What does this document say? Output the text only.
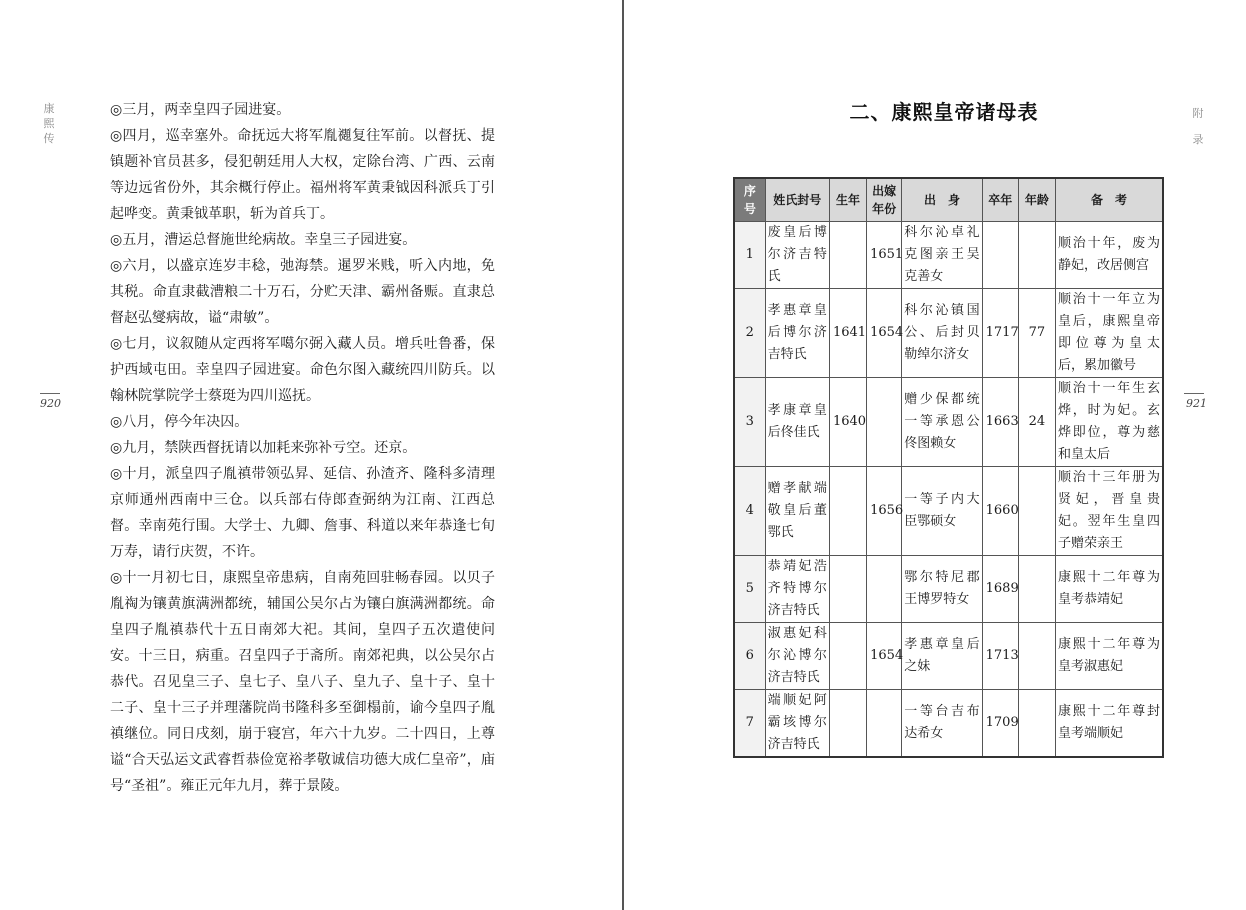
康熙传
920

◎三月，两幸皇四子园进宴。

◎四月，巡幸塞外。命抚远大将军胤禵复往军前。以督抚、提镇题补官员甚多，侵犯朝廷用人大权，定除台湾、广西、云南等边远省份外，其余概行停止。福州将军黄秉钺因科派兵丁引起哗变。黄秉钺革职，斩为首兵丁。

◎五月，漕运总督施世纶病故。幸皇三子园进宴。

◎六月，以盛京连岁丰稔，弛海禁。暹罗米贱，听入内地，免其税。命直隶截漕粮二十万石，分贮天津、霸州备赈。直隶总督赵弘燮病故，谥“肃敏”。

◎七月，议叙随从定西将军噶尔弼入藏人员。增兵吐鲁番，保护西域屯田。幸皇四子园进宴。命色尔图入藏统四川防兵。以翰林院掌院学士蔡珽为四川巡抚。

◎八月，停今年决囚。

◎九月，禁陕西督抚请以加耗来弥补亏空。还京。

◎十月，派皇四子胤禛带领弘昇、延信、孙渣齐、隆科多清理京师通州西南中三仓。以兵部右侍郎查弼纳为江南、江西总督。幸南苑行围。大学士、九卿、詹事、科道以来年恭逢七旬万寿，请行庆贺，不许。

◎十一月初七日，康熙皇帝患病，自南苑回驻畅春园。以贝子胤祹为镶黄旗满洲都统，辅国公吴尔占为镶白旗满洲都统。命皇四子胤禛恭代十五日南郊大祀。其间，皇四子五次遣使问安。十三日，病重。召皇四子于斋所。南郊祀典，以公吴尔占恭代。召见皇三子、皇七子、皇八子、皇九子、皇十子、皇十二子、皇十三子并理藩院尚书隆科多至御榻前，谕今皇四子胤禛继位。同日戌刻，崩于寝宫，年六十九岁。二十四日，上尊谥“合天弘运文武睿哲恭俭宽裕孝敬诚信功德大成仁皇帝”，庙号“圣祖”。雍正元年九月，葬于景陵。

二、康熙皇帝诸母表	附录
921
序号	姓氏封号	生年	出嫁年份	出　身	卒年	年龄	备　考
1	废皇后博尔济吉特氏		1651	科尔沁卓礼克图亲王吴克善女			顺治十年，废为静妃，改居侧宫
2	孝惠章皇后博尔济吉特氏	1641	1654	科尔沁镇国公、后封贝勒绰尔济女	1717	77	顺治十一年立为皇后，康熙皇帝即位尊为皇太后，累加徽号
3	孝康章皇后佟佳氏	1640		赠少保都统一等承恩公佟图赖女	1663	24	顺治十一年生玄烨，时为妃。玄烨即位，尊为慈和皇太后
4	赠孝献端敬皇后董鄂氏		1656	一等子内大臣鄂硕女	1660		顺治十三年册为贤妃，晋皇贵妃。翌年生皇四子赠荣亲王
5	恭靖妃浩齐特博尔济吉特氏			鄂尔特尼郡王博罗特女	1689		康熙十二年尊为皇考恭靖妃
6	淑惠妃科尔沁博尔济吉特氏		1654	孝惠章皇后之妹	1713		康熙十二年尊为皇考淑惠妃
7	端顺妃阿霸垓博尔济吉特氏			一等台吉布达希女	1709		康熙十二年尊封皇考端顺妃
